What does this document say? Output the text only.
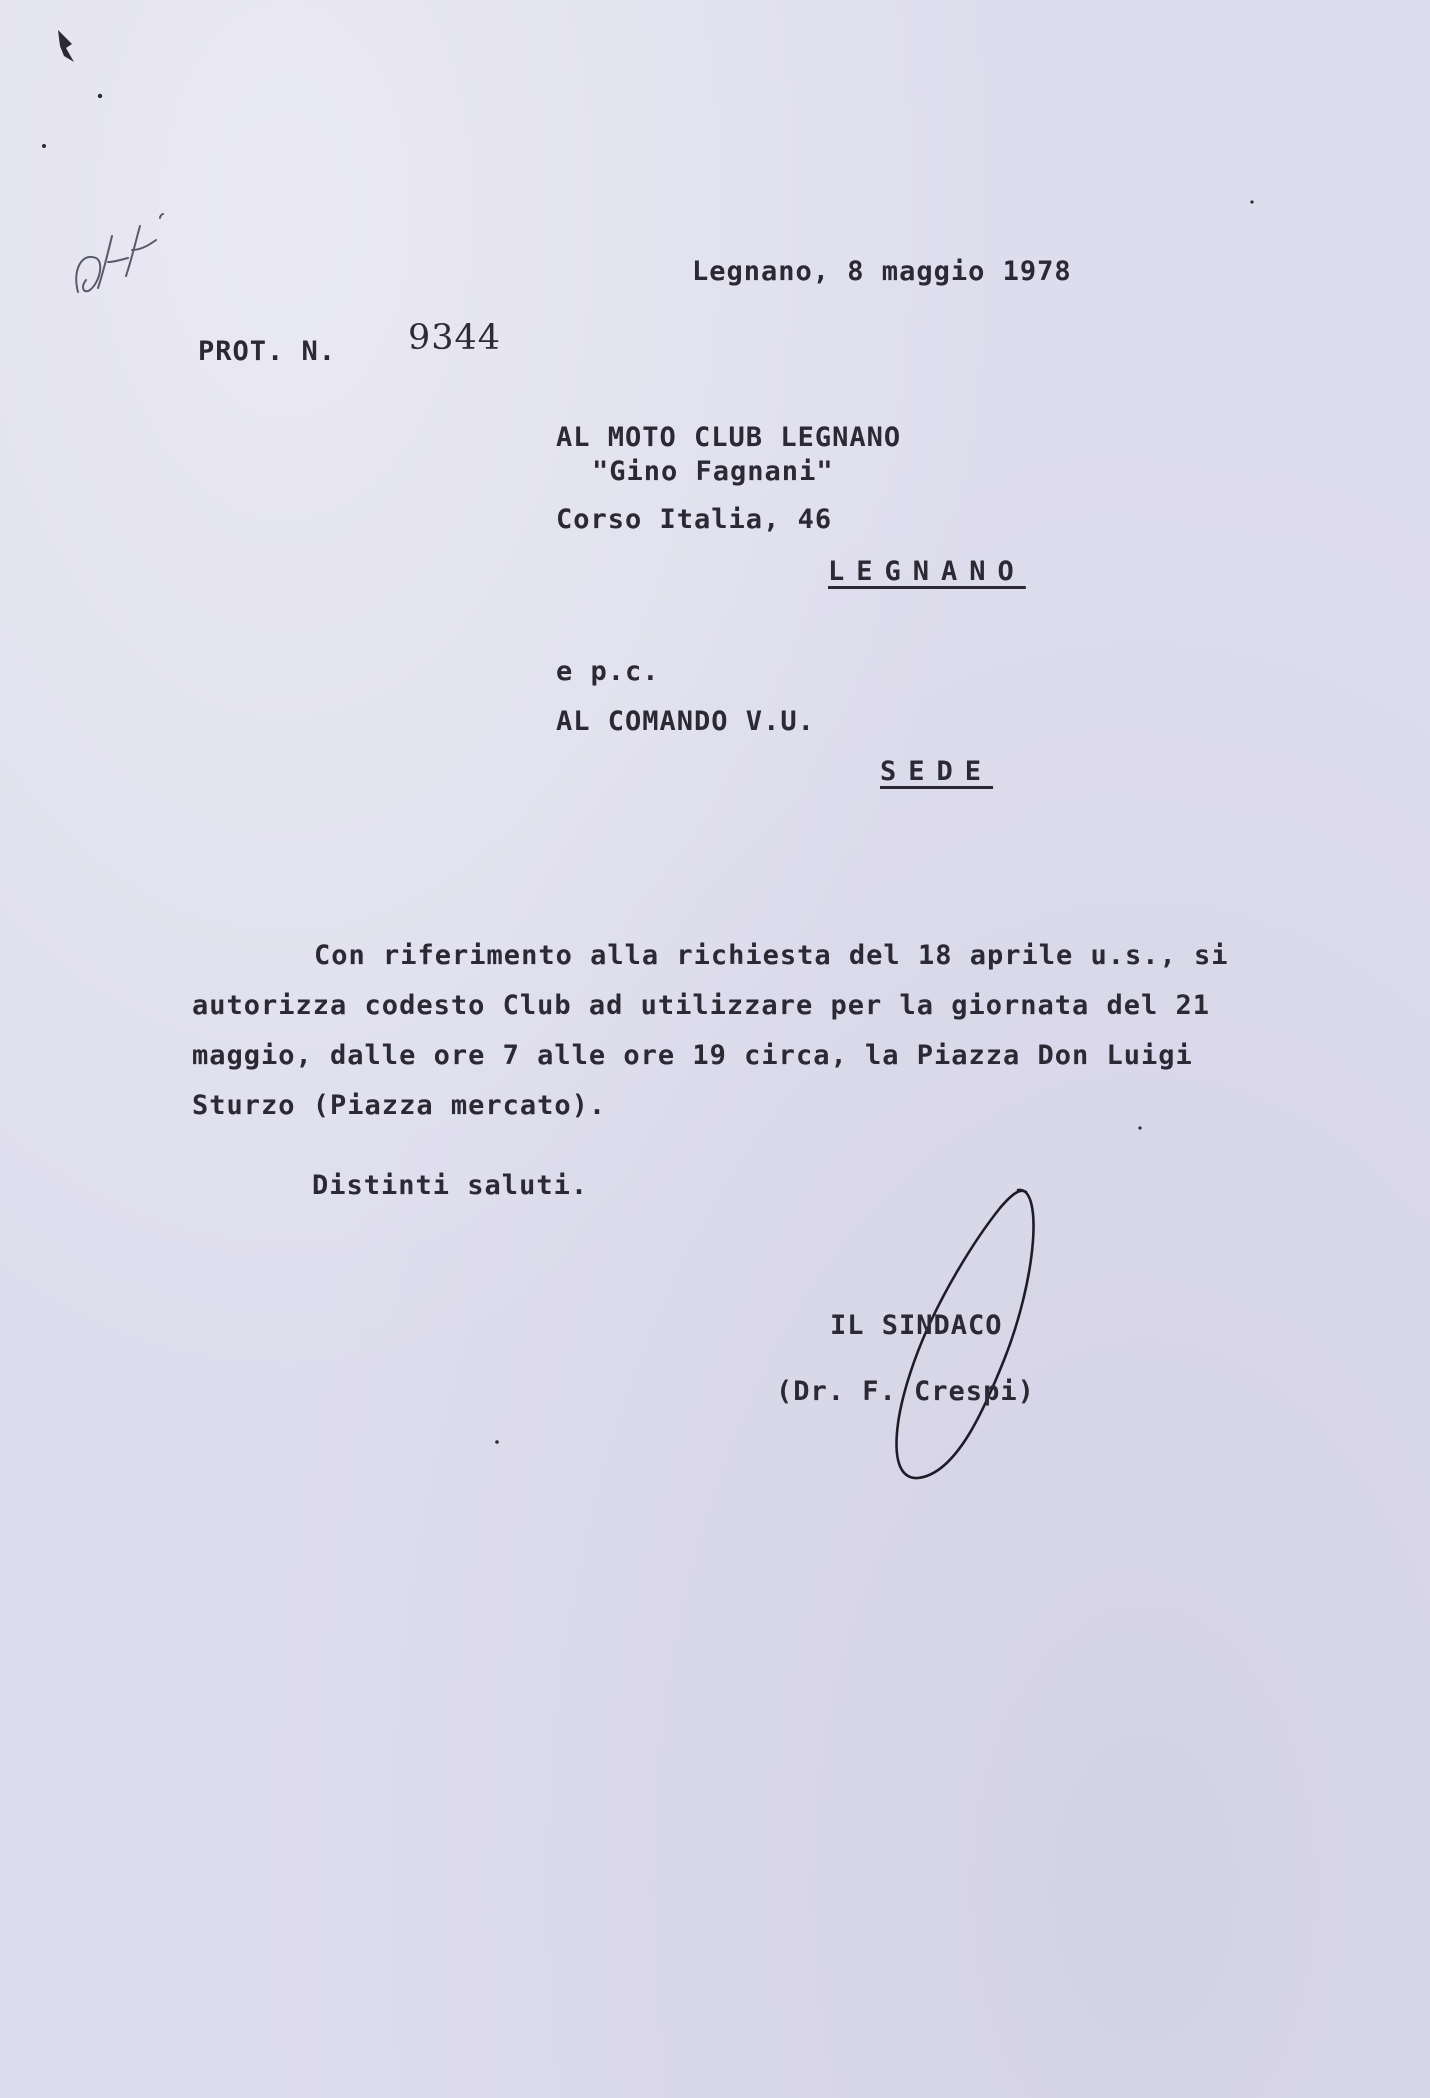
Legnano, 8 maggio 1978
PROT. N. 9344
AL MOTO CLUB LEGNANO
"Gino Fagnani"
Corso Italia, 46
LEGNANO
e p.c.
AL COMANDO V.U.
SEDE
Con riferimento alla richiesta del 18 aprile u.s., si
autorizza codesto Club ad utilizzare per la giornata del 21
maggio, dalle ore 7 alle ore 19 circa, la Piazza Don Luigi
Sturzo (Piazza mercato).
Distinti saluti.
IL SINDACO
(Dr. F. Crespi)
